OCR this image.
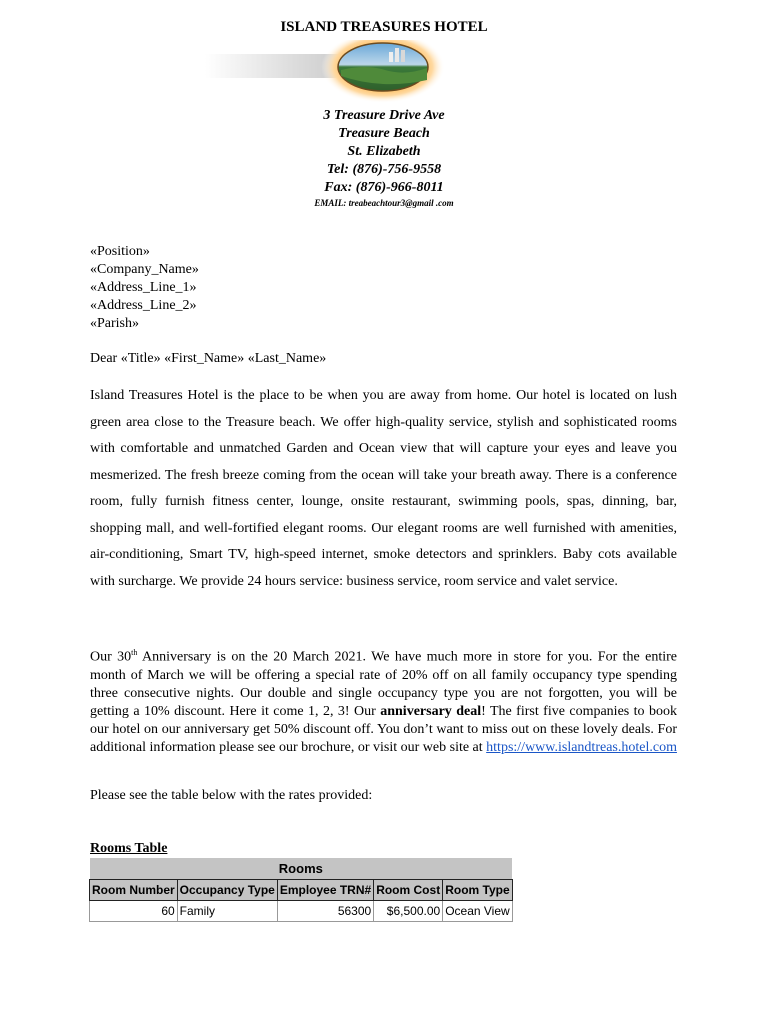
ISLAND TREASURES HOTEL
3 Treasure Drive Ave
Treasure Beach
St. Elizabeth
Tel: (876)-756-9558
Fax: (876)-966-8011
EMAIL: treabeachtour3@gmail .com
«Position»
«Company_Name»
«Address_Line_1»
«Address_Line_2»
«Parish»
Dear «Title» «First_Name» «Last_Name»
Island Treasures Hotel is the place to be when you are away from home. Our hotel is located on lush green area close to the Treasure beach. We offer high-quality service, stylish and sophisticated rooms with comfortable and unmatched Garden and Ocean view that will capture your eyes and leave you mesmerized. The fresh breeze coming from the ocean will take your breath away. There is a conference room, fully furnish fitness center, lounge, onsite restaurant, swimming pools, spas, dinning, bar, shopping mall, and well-fortified elegant rooms. Our elegant rooms are well furnished with amenities, air-conditioning, Smart TV, high-speed internet, smoke detectors and sprinklers. Baby cots available with surcharge. We provide 24 hours service: business service, room service and valet service.
Our 30th Anniversary is on the 20 March 2021. We have much more in store for you. For the entire month of March we will be offering a special rate of 20% off on all family occupancy type spending three consecutive nights. Our double and single occupancy type you are not forgotten, you will be getting a 10% discount. Here it come 1, 2, 3! Our anniversary deal! The first five companies to book our hotel on our anniversary get 50% discount off. You don’t want to miss out on these lovely deals. For additional information please see our brochure, or visit our web site at https://www.islandtreas.hotel.com
Please see the table below with the rates provided:
Rooms Table
Rooms				
Room Number	Occupancy Type	Employee TRN#	Room Cost	Room Type
60	Family	56300	$6,500.00	Ocean View
